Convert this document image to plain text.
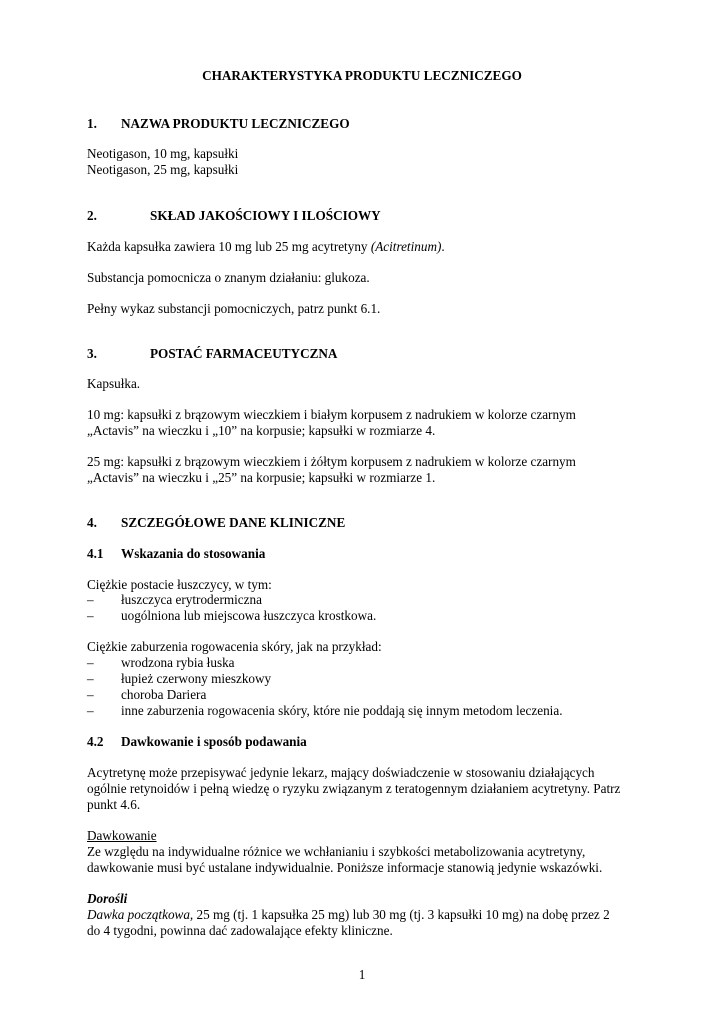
CHARAKTERYSTYKA PRODUKTU LECZNICZEGO
1. NAZWA PRODUKTU LECZNICZEGO
Neotigason, 10 mg, kapsułki
Neotigason, 25 mg, kapsułki
2.	SKŁAD JAKOŚCIOWY I ILOŚCIOWY
Każda kapsułka zawiera 10 mg lub 25 mg acytretyny (Acitretinum).
Substancja pomocnicza o znanym działaniu: glukoza.
Pełny wykaz substancji pomocniczych, patrz punkt 6.1.
3.	POSTAĆ FARMACEUTYCZNA
Kapsułka.
10 mg: kapsułki z brązowym wieczkiem i białym korpusem z nadrukiem w kolorze czarnym
„Actavis” na wieczku i „10” na korpusie; kapsułki w rozmiarze 4.
25 mg: kapsułki z brązowym wieczkiem i żółtym korpusem z nadrukiem w kolorze czarnym
„Actavis” na wieczku i „25” na korpusie; kapsułki w rozmiarze 1.
4. SZCZEGÓŁOWE DANE KLINICZNE
4.1 Wskazania do stosowania
Ciężkie postacie łuszczycy, w tym:
– łuszczyca erytrodermiczna
– uogólniona lub miejscowa łuszczyca krostkowa.
Ciężkie zaburzenia rogowacenia skóry, jak na przykład:
– wrodzona rybia łuska
– łupież czerwony mieszkowy
– choroba Dariera
– inne zaburzenia rogowacenia skóry, które nie poddają się innym metodom leczenia.
4.2 Dawkowanie i sposób podawania
Acytretynę może przepisywać jedynie lekarz, mający doświadczenie w stosowaniu działających
ogólnie retynoidów i pełną wiedzę o ryzyku związanym z teratogennym działaniem acytretyny. Patrz
punkt 4.6.
Dawkowanie
Ze względu na indywidualne różnice we wchłanianiu i szybkości metabolizowania acytretyny,
dawkowanie musi być ustalane indywidualnie. Poniższe informacje stanowią jedynie wskazówki.
Dorośli
Dawka początkowa, 25 mg (tj. 1 kapsułka 25 mg) lub 30 mg (tj. 3 kapsułki 10 mg) na dobę przez 2
do 4 tygodni, powinna dać zadowalające efekty kliniczne.
1
